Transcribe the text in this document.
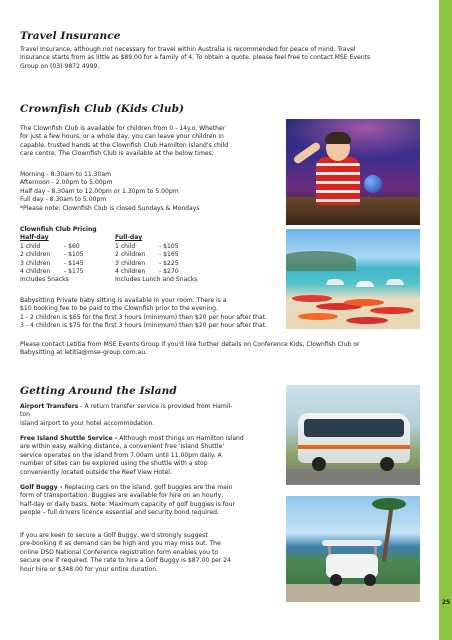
25
Travel Insurance
Travel Insurance, although not necessary for travel within Australia is recommended for peace of mind. Travel
Insurance starts from as little as $89.00 for a family of 4. To obtain a quote, please feel free to contact MSE Events
Group on (03) 9872 4999.
Crownfish Club (Kids Club)
The Clownfish Club is available for children from 0 - 14y.o. Whether
for just a few hours, or a whole day, you can leave your children in
capable, trusted hands at the Clownfish Club Hamilton Island's child
care centre. The Clownfish Club is available at the below times;
Morning - 8.30am to 11.30am
Afternoon - 2.00pm to 5.00pm
Half day - 8.30am to 12.00pm or 1.30pm to 5.00pm
Full day - 8.30am to 5.00pm
*Please note: Clownfish Club is closed Sundays & Mondays
Clownfish Club Pricing
Half-day
1 child	- $60
2 children - $105
3 children - $145
4 children - $175
Includes Snacks
Full-day
1 child	- $105
2 children - $165
3 children - $225
4 children - $270
Includes Lunch and Snacks
Babysitting Private baby sitting is available in your room. There is a
$10 booking fee to be paid to the Clownfish prior to the evening.
1 - 2 children is $65 for the first 3 hours (minimum) then $20 per hour after that.
3 - 4 children is $75 for the first 3 hours (minimum) then $20 per hour after that.
Please contact Letitia from MSE Events Group if you'd like further details on Conference Kids, Clownfish Club or
Babysitting at letitia@mse-group.com.au.
Getting Around the Island
Airport Transfers - A return transfer service is provided from Hamil-
ton
Island airport to your hotel accommodation.
Free Island Shuttle Service - Although most things on Hamilton Island
are within easy walking distance, a convenient free 'Island Shuttle'
service operates on the island from 7.00am until 11.00pm daily. A
number of sites can be explored using the shuttle with a stop
conveniently located outside the Reef View Hotel.
Golf Buggy - Replacing cars on the island, golf buggies are the main
form of transportation. Buggies are available for hire on an hourly,
half-day or daily basis. Note: Maximum capacity of golf buggies is four
people – full drivers licence essential and security bond required.
If you are keen to secure a Golf Buggy, we'd strongly suggest
pre-booking it as demand can be high and you may miss out. The
online DSD National Conference registration form enables you to
secure one if required. The rate to hire a Golf Buggy is $87.00 per 24
hour hire or $348.00 for your entire duration.
